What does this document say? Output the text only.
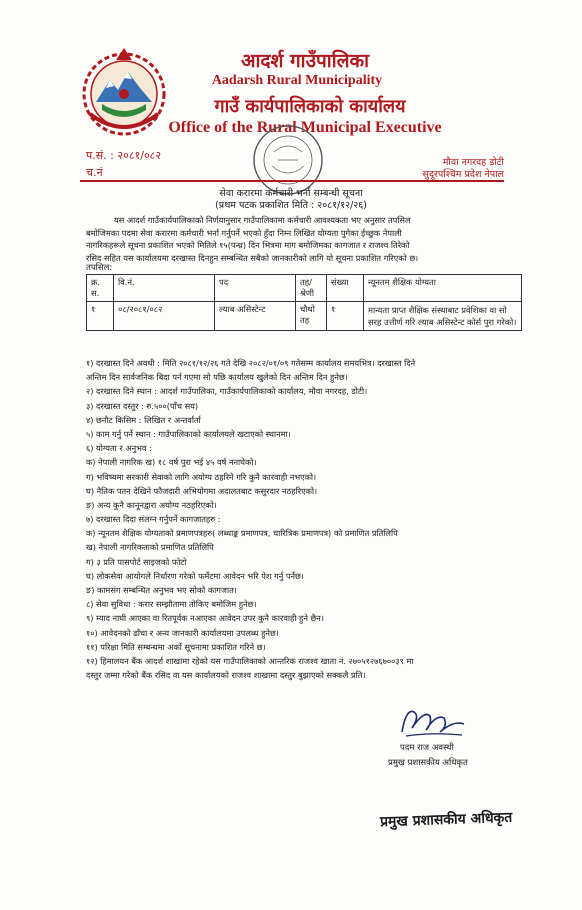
आदर्श गाउँपालिका
Aadarsh Rural Municipality
गाउँ कार्यपालिकाको कार्यालय
Office of the Rural Municipal Executive
प.सं. : २०८१/०८२
च.नं
मौवा नगरदह डोटी
सुदूरपश्चिम प्रदेश नेपाल
सेवा करारमा कर्मचारी भर्ना सम्बन्धी सूचना
(प्रथम पटक प्रकाशित मिति : २०८१/१२/२६)
यस आदर्श गाउँकार्यपालिकाको निर्णयानुसार गाउँपालिकामा कर्मचारी आवश्यकता भए अनुसार तपसिल
बमोजिमका पदमा सेवा करारमा कर्मचारी भर्ना गर्नुपर्ने भएको हुँदा निम्न लिखित योग्यता पुगेका ईच्छुक नेपाली
नागरिकहरूले सूचना प्रकाशित भएको मितिले १५(पन्ध्र) दिन भित्रमा माग बमोजिमका कागजात र राजश्व तिरेको
रसिद सहित यस कार्यालयमा दरखास्त दिनहुन सम्बन्धित सबैको जानकारीको लागि यो सूचना प्रकाशित गरिएको छ।
तपसिल:
क्र. स.	वि.नं.	पद	तह/ श्रेणी	संख्या	न्यूनतम शैक्षिक योग्यता
१	०८/२०८१/०८२	ल्याब असिस्टेन्ट	चौथो तह	१	मान्यता प्राप्त शैक्षिक संस्थाबाट प्रवेशिका वा सो सरह उत्तीर्ण गरि ल्याब असिस्टेन्ट कोर्स पुरा गरेको।
१) दरखास्त दिने अवधी : मिति २०८१/१२/२६ गते देखि २०८२/०१/०९ गतेसम्म कार्यालय समयभित्र। दरखास्त दिने
अन्तिम दिन सार्वजनिक बिदा पर्न गएमा सो पछि कार्यालय खुलेको दिन अन्तिम दिन हुनेछ।
२) दरखास्त दिने स्थान : आदर्श गाउँपालिका, गाउँकार्यपालिकाको कार्यालय, मौवा नगरदह, डोटी।
३) दरखास्त दस्तुर : रु.५००(पाँच सय)
४) छनौट किसिम : लिखित र अन्तर्वार्ता
५) काम गर्नु पर्ने स्थान : गाउँपालिकाको कार्यालयले खटाएको स्थानमा।
६) योग्यता र अनुभव :
क) नेपाली नागरिक ख) १८ वर्ष पुरा भई ४५ वर्ष ननाघेको।
ग) भविष्यमा सरकारी सेवाको लागि अयोग्य ठहरिने गरि कुनै कारवाही नभएको।
घ) नैतिक पतन देखिने फौजदारी अभियोगमा अदालतबाट कसुरदार नठहरिएको।
ङ) अन्य कुनै कानूनद्वारा अयोग्य नठहरिएको।
७) दरखास्त दिदा संलग्न गर्नुपर्ने कागजातहरु :
क) न्यूनतम शैक्षिक योग्यताको प्रमाणपत्रहरु( लब्धाङ्क प्रमाणपत्र, चारित्रिक प्रमाणपत्र) को प्रमाणित प्रतिलिपि
ख) नेपाली नागरिकताको प्रमाणित प्रतिलिपि
ग) ३ प्रति पासपोर्ट साइजको फोटो
घ) लोकसेवा आयोगले निर्धारण गरेको फर्मेटमा आवेदन भरि पेश गर्नु पर्नेछ।
ङ) कामसंग सम्बन्धित अनुभव भए सोको कागजात।
८) सेवा सुविधा : करार सम्झौतामा तोकिए बमोजिम हुनेछ।
९) म्याद नाघी आएका वा रितपूर्वक नआएका आवेदन उपर कुनै कारवाही हुने छैन।
१०) आवेदनको ढाँचा र अन्य जानकारी कार्यालयमा उपलब्ध हुनेछ।
११) परिक्षा मिति सम्बन्धमा अर्को सूचनामा प्रकाशित गरिने छ।
१२) हिमालयन बैंक आदर्श शाखामा रहेको यस गाउँपालिकाको आन्तरिक राजश्व खाता नं. २७०५१२७६७००३९ मा
दस्तुर जम्मा गरेको बैंक रसिद वा यस कार्यालयको राजश्व शाखामा दस्तुर बुझाएको सक्कलै प्रति।
पदम राज अवस्थी
प्रमुख प्रशासकीय अधिकृत
प्रमुख प्रशासकीय अधिकृत
